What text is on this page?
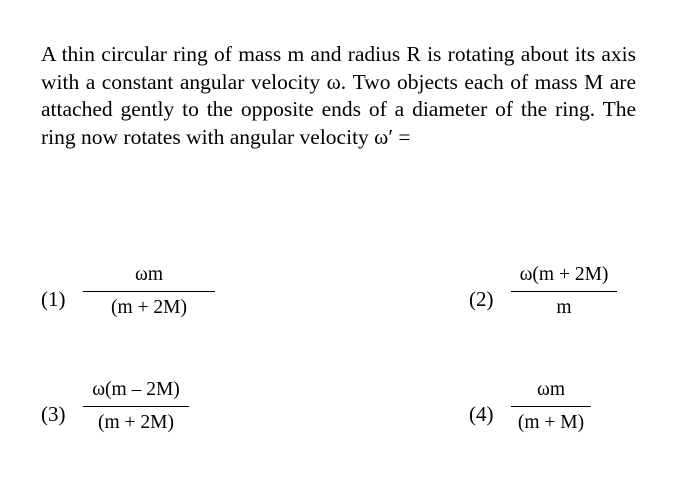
A thin circular ring of mass m and radius R is rotating about its axis with a constant angular velocity ω. Two objects each of mass M are attached gently to the opposite ends of a diameter of the ring. The ring now rotates with angular velocity ω′ =

(1)
ωm
(m + 2M)	(2)
ω(m + 2M)
m
(3)
ω(m – 2M)
(m + 2M)	(4)
ωm
(m + M)
